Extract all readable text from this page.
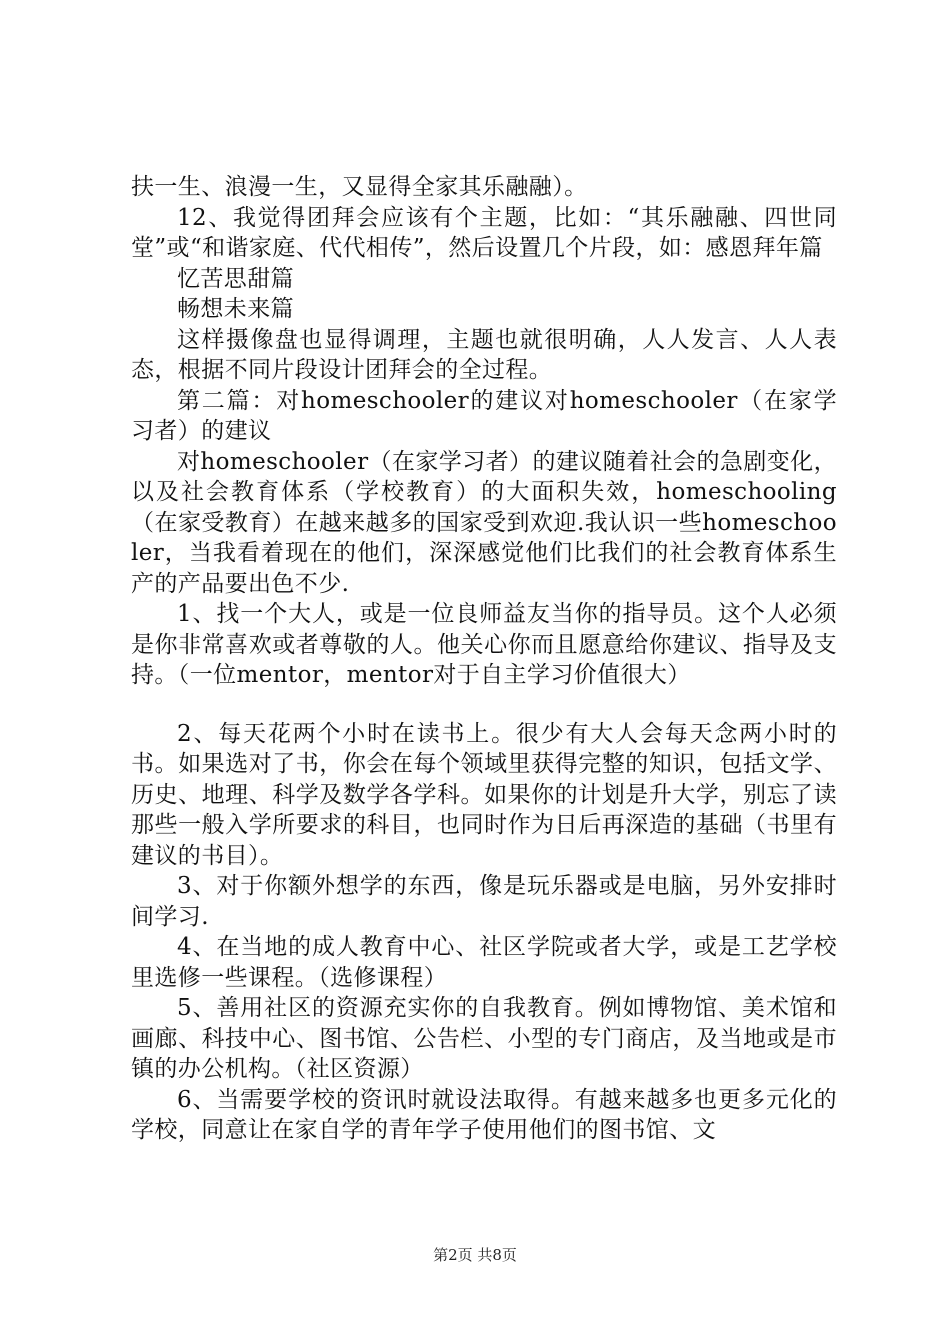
扶一生、浪漫一生，又显得全家其乐融融）。

12、我觉得团拜会应该有个主题，比如：“其乐融融、四世同堂”或“和谐家庭、代代相传”，然后设置几个片段，如：感恩拜年篇

忆苦思甜篇

畅想未来篇

这样摄像盘也显得调理，主题也就很明确，人人发言、人人表态，根据不同片段设计团拜会的全过程。

第二篇：对homeschooler的建议对homeschooler（在家学习者）的建议

对homeschooler（在家学习者）的建议随着社会的急剧变化，以及社会教育体系（学校教育）的大面积失效，homeschooling（在家受教育）在越来越多的国家受到欢迎.我认识一些homeschooler，当我看着现在的他们，深深感觉他们比我们的社会教育体系生产的产品要出色不少.

1、找一个大人，或是一位良师益友当你的指导员。这个人必须是你非常喜欢或者尊敬的人。他关心你而且愿意给你建议、指导及支持。（一位mentor，mentor对于自主学习价值很大）

2、每天花两个小时在读书上。很少有大人会每天念两小时的书。如果选对了书，你会在每个领域里获得完整的知识，包括文学、历史、地理、科学及数学各学科。如果你的计划是升大学，别忘了读那些一般入学所要求的科目，也同时作为日后再深造的基础（书里有建议的书目）。

3、对于你额外想学的东西，像是玩乐器或是电脑，另外安排时间学习.

4、在当地的成人教育中心、社区学院或者大学，或是工艺学校里选修一些课程。（选修课程）

5、善用社区的资源充实你的自我教育。例如博物馆、美术馆和画廊、科技中心、图书馆、公告栏、小型的专门商店，及当地或是市镇的办公机构。（社区资源）

6、当需要学校的资讯时就设法取得。有越来越多也更多元化的学校，同意让在家自学的青年学子使用他们的图书馆、文

第2页 共8页
